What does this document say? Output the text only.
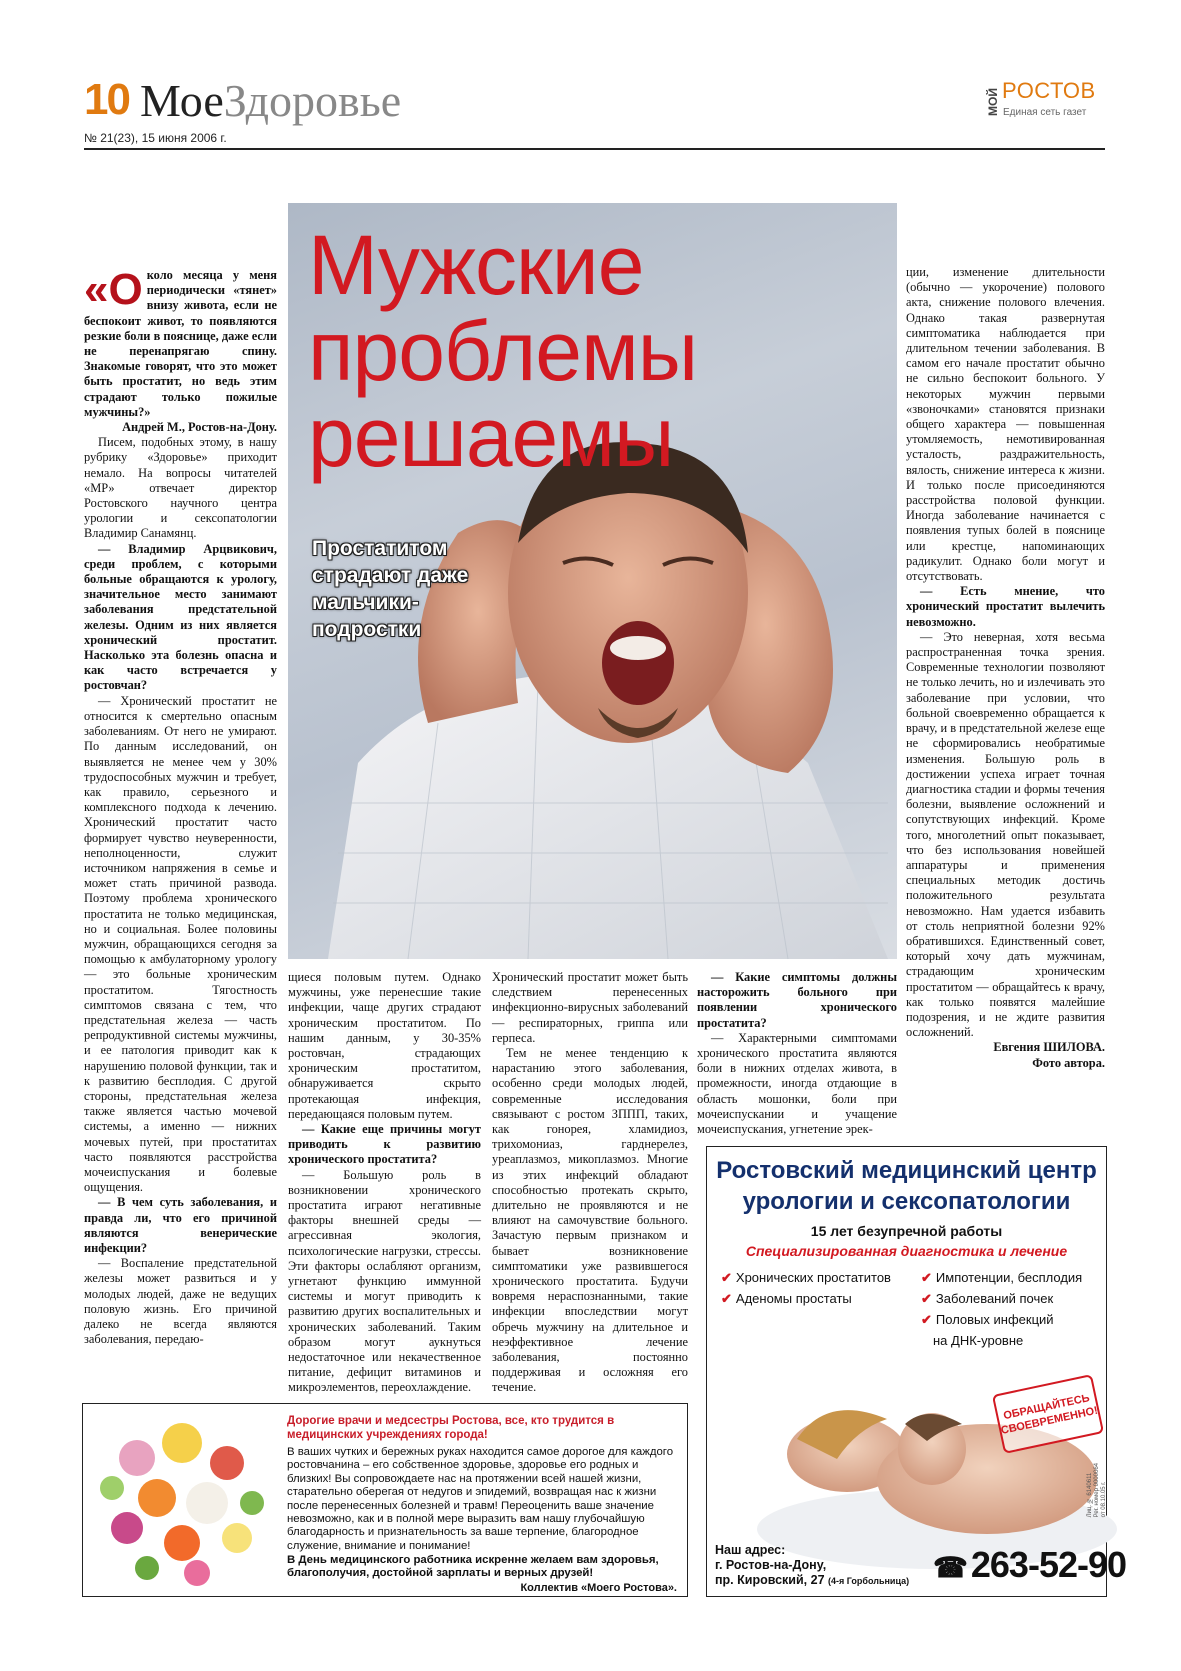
10 МоеЗдоровье
№ 21(23), 15 июня 2006 г.
МОЙ РОСТОВ
Единая сеть газет
Мужские
проблемы
решаемы
Простатитом
страдают даже
мальчики-
подростки

«Около месяца у меня периодически «тянет» внизу живота, если не беспокоит живот, то появляются резкие боли в пояснице, даже если не перенапрягаю спину. Знакомые говорят, что это может быть простатит, но ведь этим страдают только пожилые мужчины?»

Андрей М., Ростов-на-Дону.

Писем, подобных этому, в нашу рубрику «Здоровье» приходит немало. На вопросы читателей «МР» отвечает директор Ростовского научного центра урологии и сексопатологии Владимир Санамянц.

— Владимир Арцвикович, среди проблем, с которыми больные обращаются к урологу, значительное место занимают заболевания предстательной железы. Одним из них является хронический простатит. Насколько эта болезнь опасна и как часто встречается у ростовчан?

— Хронический простатит не относится к смертельно опасным заболеваниям. От него не умирают. По данным исследований, он выявляется не менее чем у 30% трудоспособных мужчин и требует, как правило, серьезного и комплексного подхода к лечению. Хронический простатит часто формирует чувство неуверенности, неполноценности, служит источником напряжения в семье и может стать причиной развода. Поэтому проблема хронического простатита не только медицинская, но и социальная. Более половины мужчин, обращающихся сегодня за помощью к амбулаторному урологу — это больные хроническим простатитом. Тягостность симптомов связана с тем, что предстательная железа — часть репродуктивной системы мужчины, и ее патология приводит как к нарушению половой функции, так и к развитию бесплодия. С другой стороны, предстательная железа также является частью мочевой системы, а именно — нижних мочевых путей, при простатитах часто появляются расстройства мочеиспускания и болевые ощущения.

— В чем суть заболевания, и правда ли, что его причиной являются венерические инфекции?

— Воспаление предстательной железы может развиться и у молодых людей, даже не ведущих половую жизнь. Его причиной далеко не всегда являются заболевания, передаю-

щиеся половым путем. Однако мужчины, уже перенесшие такие инфекции, чаще других страдают хроническим простатитом. По нашим данным, у 30-35% ростовчан, страдающих хроническим простатитом, обнаруживается скрыто протекающая инфекция, передающаяся половым путем.

— Какие еще причины могут приводить к развитию хронического простатита?

— Большую роль в возникновении хронического простатита играют негативные факторы внешней среды — агрессивная экология, психологические нагрузки, стрессы. Эти факторы ослабляют организм, угнетают функцию иммунной системы и могут приводить к развитию других воспалительных и хронических заболеваний. Таким образом могут аукнуться недостаточное или некачественное питание, дефицит витаминов и микроэлементов, переохлаждение.

Хронический простатит может быть следствием перенесенных инфекционно-вирусных заболеваний — респираторных, гриппа или герпеса.

Тем не менее тенденцию к нарастанию этого заболевания, особенно среди молодых людей, современные исследования связывают с ростом ЗППП, таких, как гонорея, хламидиоз, трихомониаз, гарднерелез, уреаплазмоз, микоплазмоз. Многие из этих инфекций обладают способностью протекать скрыто, длительно не проявляются и не влияют на самочувствие больного. Зачастую первым признаком и бывает возникновение симптоматики уже развившегося хронического простатита. Будучи вовремя нераспознанными, такие инфекции впоследствии могут обречь мужчину на длительное и неэффективное лечение заболевания, постоянно поддерживая и осложняя его течение.

— Какие симптомы должны насторожить больного при появлении хронического простатита?

— Характерными симптомами хронического простатита являются боли в нижних отделах живота, в промежности, иногда отдающие в область мошонки, боли при мочеиспускании и учащение мочеиспускания, угнетение эрек-

ции, изменение длительности (обычно — укорочение) полового акта, снижение полового влечения. Однако такая развернутая симптоматика наблюдается при длительном течении заболевания. В самом его начале простатит обычно не сильно беспокоит больного. У некоторых мужчин первыми «звоночками» становятся признаки общего характера — повышенная утомляемость, немотивированная усталость, раздражительность, вялость, снижение интереса к жизни. И только после присоединяются расстройства половой функции. Иногда заболевание начинается с появления тупых болей в пояснице или крестце, напоминающих радикулит. Однако боли могут и отсутствовать.

— Есть мнение, что хронический простатит вылечить невозможно.

— Это неверная, хотя весьма распространенная точка зрения. Современные технологии позволяют не только лечить, но и излечивать это заболевание при условии, что больной своевременно обращается к врачу, и в предстательной железе еще не сформировались необратимые изменения. Большую роль в достижении успеха играет точная диагностика стадии и формы течения болезни, выявление осложнений и сопутствующих инфекций. Кроме того, многолетний опыт показывает, что без использования новейшей аппаратуры и применения специальных методик достичь положительного результата невозможно. Нам удается избавить от столь неприятной болезни 92% обратившихся. Единственный совет, который хочу дать мужчинам, страдающим хроническим простатитом — обращайтесь к врачу, как только появятся малейшие подозрения, и не ждите развития осложнений.

Евгения ШИЛОВА.

Фото автора.

Дорогие врачи и медсестры Ростова, все, кто трудится в медицинских учреждениях города!
В ваших чутких и бережных руках находится самое дорогое для каждого ростовчанина – его собственное здоровье, здоровье его родных и близких! Вы сопровождаете нас на протяжении всей нашей жизни, старательно оберегая от недугов и эпидемий, возвращая нас к жизни после перенесенных болезней и травм! Переоценить ваше значение невозможно, как и в полной мере выразить вам нашу глубочайшую благодарность и признательность за ваше терпение, благородное служение, внимание и понимание!
В День медицинского работника искренне желаем вам здоровья, благополучия, достойной зарплаты и верных друзей!
Коллектив «Моего Ростова».
Ростовский медицинский центр
урологии и сексопатологии
15 лет безупречной работы
Специализированная диагностика и лечение
✔ Хронических простатитов
✔ Аденомы простаты
✔ Импотенции, бесплодия
✔ Заболеваний почек
✔ Половых инфекций
на ДНК-уровне
ОБРАЩАЙТЕСЬ СВОЕВРЕМЕННО!
Лиц. № 6140611
Рег. номер 0000064
от 08.10.05 г.
Наш адрес:
г. Ростов-на-Дону,
пр. Кировский, 27 (4-я Горбольница) ☎ 263-52-90
